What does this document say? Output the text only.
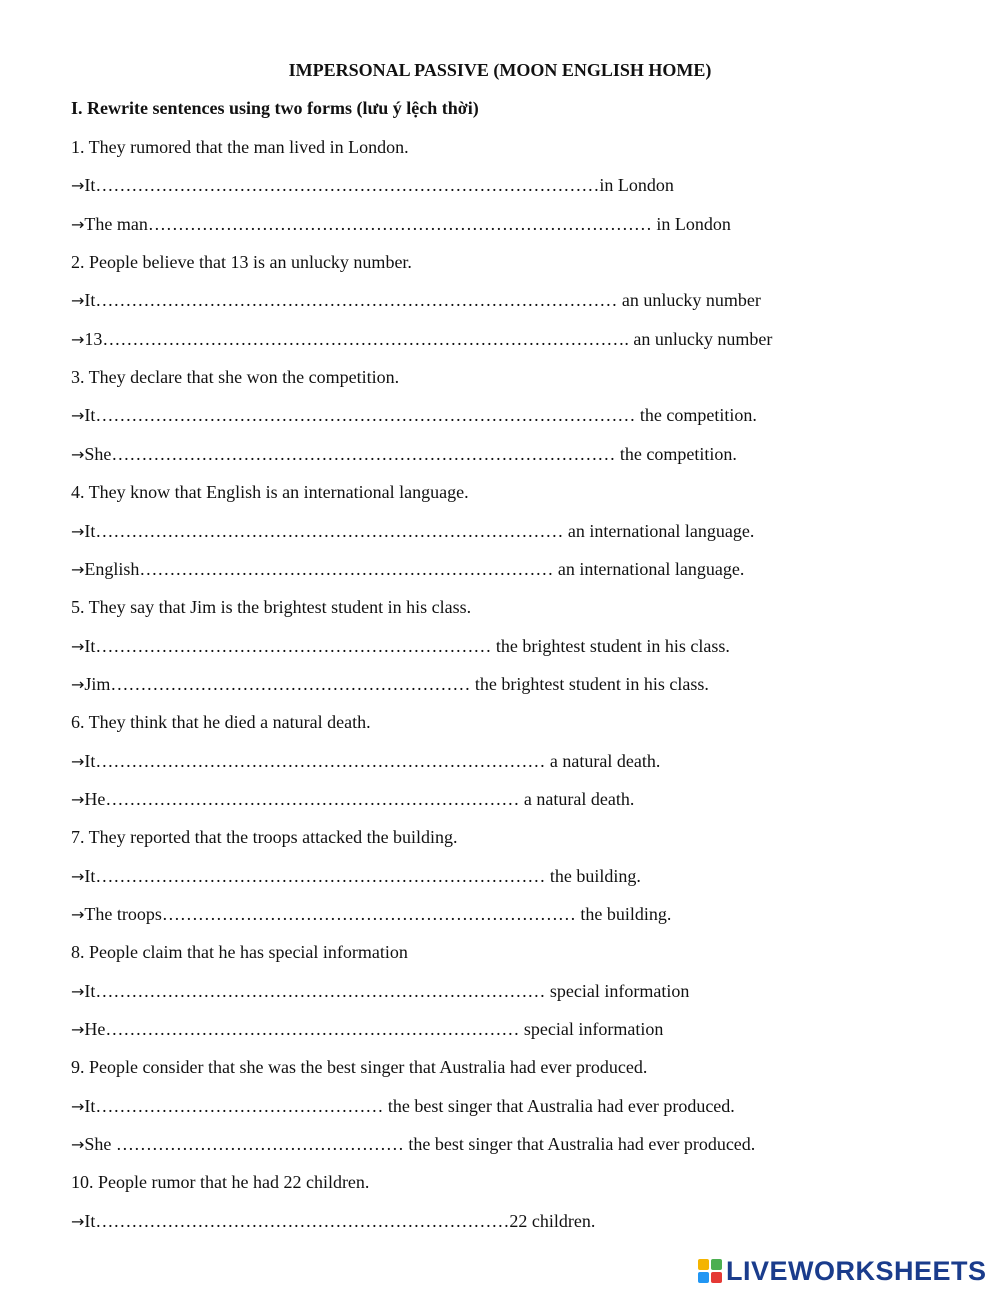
IMPERSONAL PASSIVE (MOON ENGLISH HOME)
I. Rewrite sentences using two forms (lưu ý lệch thời)
1. They rumored that the man lived in London.
→It…………………………………………………………………………in London
→The man………………………………………………………………………… in London
2. People believe that 13 is an unlucky number.
→It…………………………………………………………………………… an unlucky number
→13……………………………………………………………………………. an unlucky number
3. They declare that she won the competition.
→It……………………………………………………………………………… the competition.
→She………………………………………………………………………… the competition.
4. They know that English is an international language.
→It…………………………………………………………………… an international language.
→English…………………………………………………………… an international language.
5. They say that Jim is the brightest student in his class.
→It………………………………………………………… the brightest student in his class.
→Jim…………………………………………………… the brightest student in his class.
6. They think that he died a natural death.
→It………………………………………………………………… a natural death.
→He…………………………………………………………… a natural death.
7. They reported that the troops attacked the building.
→It………………………………………………………………… the building.
→The troops…………………………………………………………… the building.
8. People claim that he has special information
→It………………………………………………………………… special information
→He…………………………………………………………… special information
9. People consider that she was the best singer that Australia had ever produced.
→It………………………………………… the best singer that Australia had ever produced.
→She ………………………………………… the best singer that Australia had ever produced.
10. People rumor that he had 22 children.
→It……………………………………………………………22 children.
LIVEWORKSHEETS
